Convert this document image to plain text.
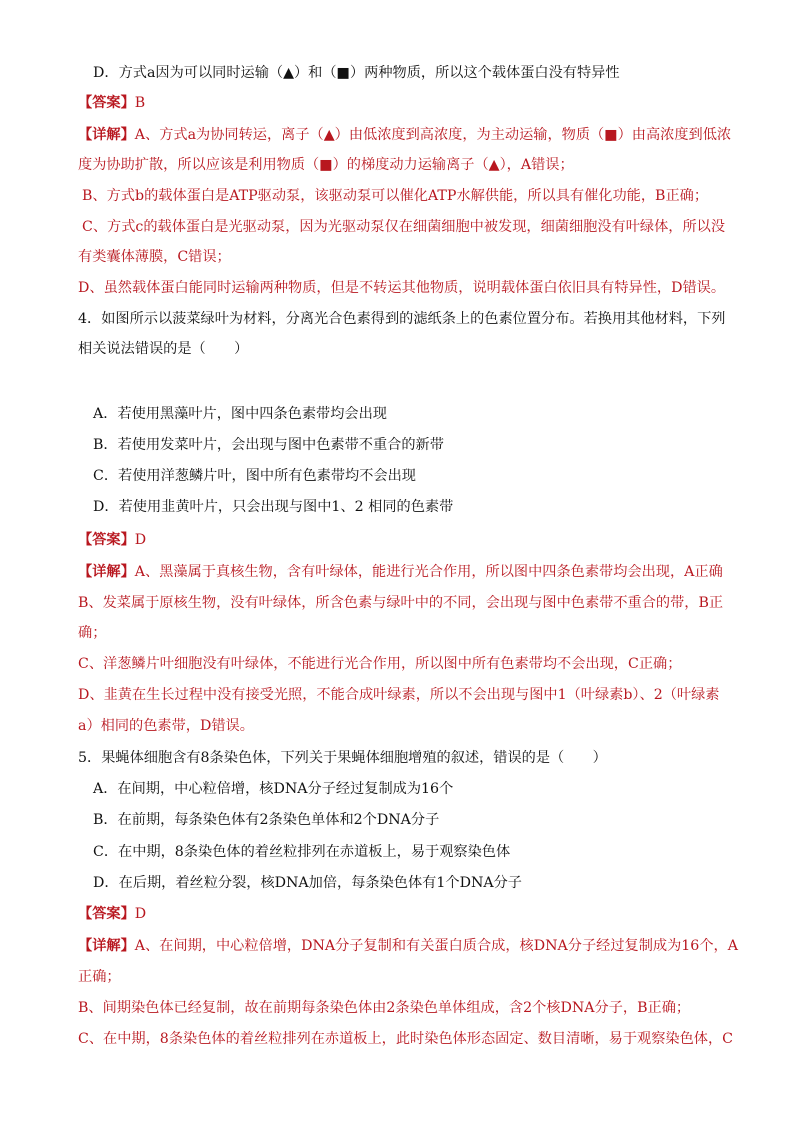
D．方式a因为可以同时运输（▲）和（■）两种物质，所以这个载体蛋白没有特异性
【答案】B
【详解】A、方式a为协同转运，离子（▲）由低浓度到高浓度，为主动运输，物质（■）由高浓度到低浓
度为协助扩散，所以应该是利用物质（■）的梯度动力运输离子（▲），A错误；
B、方式b的载体蛋白是ATP驱动泵，该驱动泵可以催化ATP水解供能，所以具有催化功能，B正确；
C、方式c的载体蛋白是光驱动泵，因为光驱动泵仅在细菌细胞中被发现，细菌细胞没有叶绿体，所以没
有类囊体薄膜，C错误；
D、虽然载体蛋白能同时运输两种物质，但是不转运其他物质，说明载体蛋白依旧具有特异性，D错误。
4．如图所示以菠菜绿叶为材料，分离光合色素得到的滤纸条上的色素位置分布。若换用其他材料，下列
相关说法错误的是（　　）
A．若使用黑藻叶片，图中四条色素带均会出现
B．若使用发菜叶片，会出现与图中色素带不重合的新带
C．若使用洋葱鳞片叶，图中所有色素带均不会出现
D．若使用韭黄叶片，只会出现与图中1、2 相同的色素带
【答案】D
【详解】A、黑藻属于真核生物，含有叶绿体，能进行光合作用，所以图中四条色素带均会出现，A正确
B、发菜属于原核生物，没有叶绿体，所含色素与绿叶中的不同，会出现与图中色素带不重合的带，B正
确；
C、洋葱鳞片叶细胞没有叶绿体，不能进行光合作用，所以图中所有色素带均不会出现，C正确；
D、韭黄在生长过程中没有接受光照，不能合成叶绿素，所以不会出现与图中1（叶绿素b）、2（叶绿素
a）相同的色素带，D错误。
5．果蝇体细胞含有8条染色体，下列关于果蝇体细胞增殖的叙述，错误的是（　　）
A．在间期，中心粒倍增，核DNA分子经过复制成为16个
B．在前期，每条染色体有2条染色单体和2个DNA分子
C．在中期，8条染色体的着丝粒排列在赤道板上，易于观察染色体
D．在后期，着丝粒分裂，核DNA加倍，每条染色体有1个DNA分子
【答案】D
【详解】A、在间期，中心粒倍增，DNA分子复制和有关蛋白质合成，核DNA分子经过复制成为16个，A
正确；
B、间期染色体已经复制，故在前期每条染色体由2条染色单体组成，含2个核DNA分子，B正确；
C、在中期，8条染色体的着丝粒排列在赤道板上，此时染色体形态固定、数目清晰，易于观察染色体，C
